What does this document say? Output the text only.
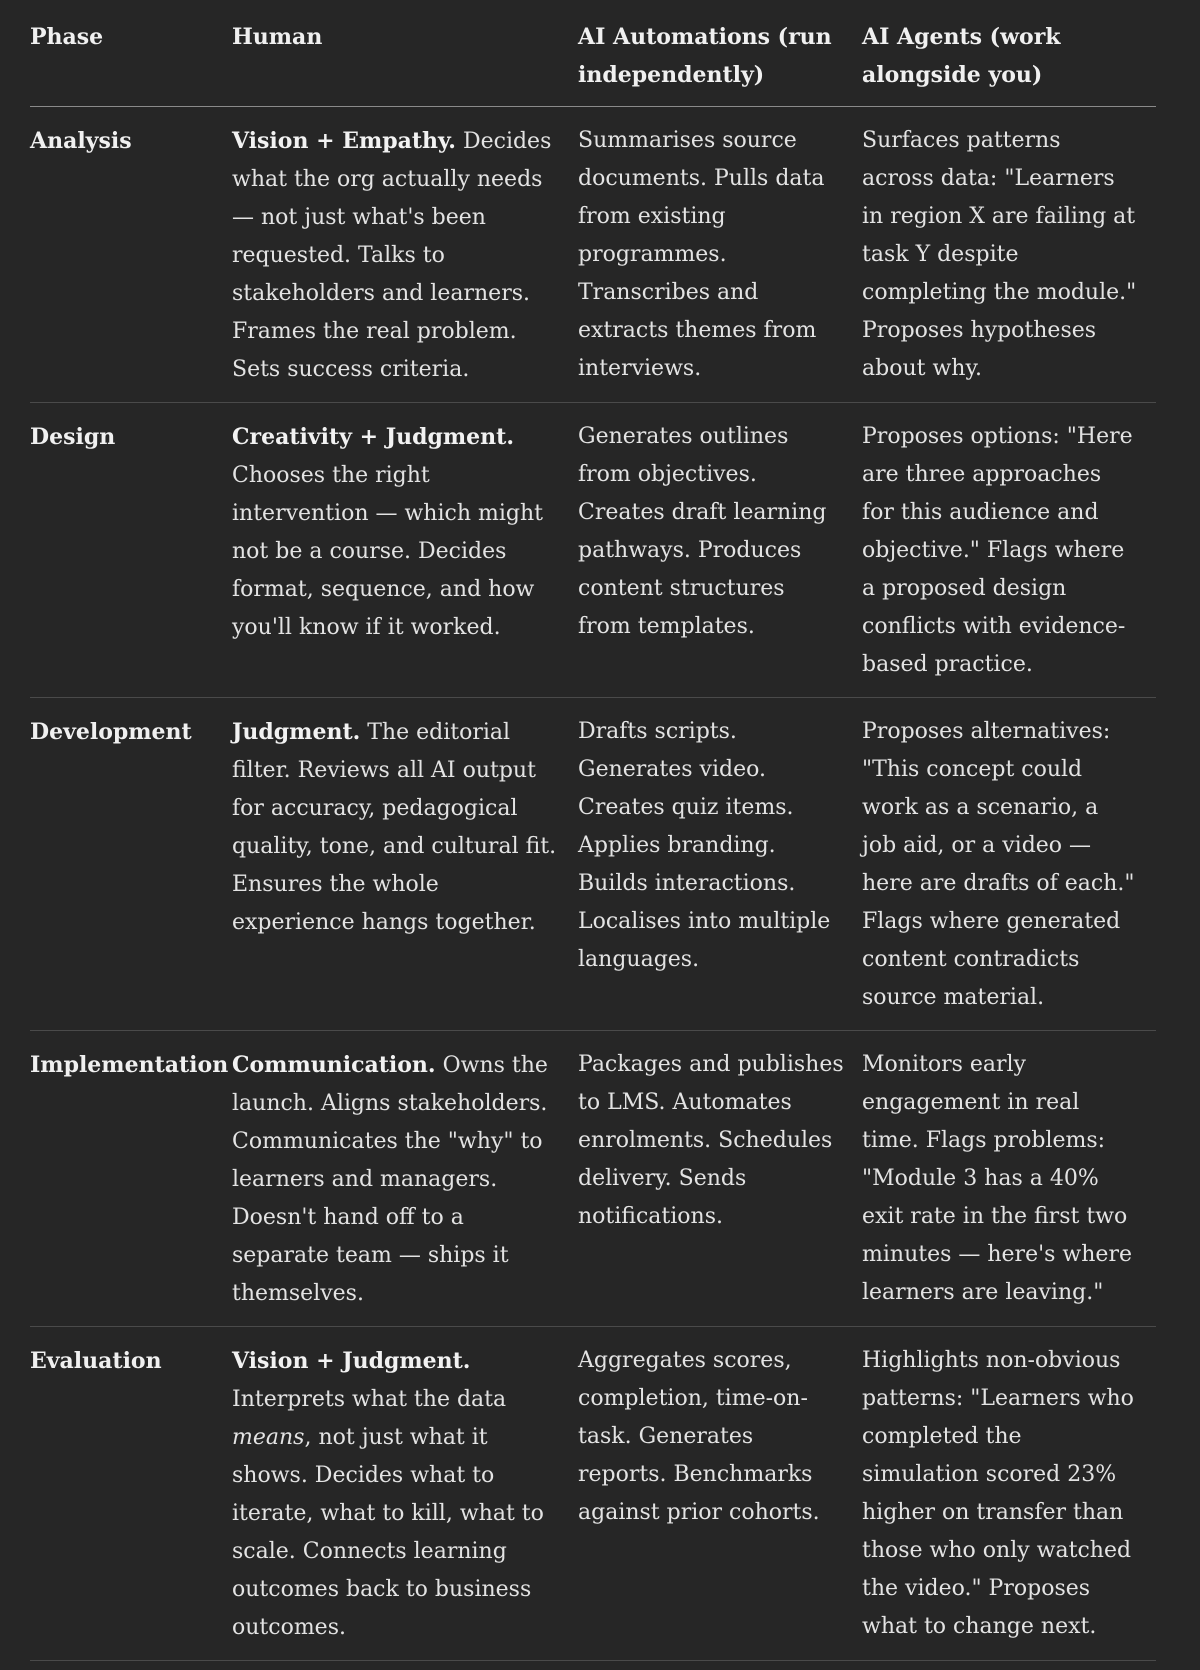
Phase	Human	AI Automations (run independently)	AI Agents (work alongside you)

Analysis	Vision + Empathy. Decides what the org actually needs — not just what's been requested. Talks to stakeholders and learners. Frames the real problem. Sets success criteria.	Summarises source documents. Pulls data from existing programmes. Transcribes and extracts themes from interviews.	Surfaces patterns across data: "Learners in region X are failing at task Y despite completing the module." Proposes hypotheses about why.

Design	Creativity + Judgment. Chooses the right intervention — which might not be a course. Decides format, sequence, and how you'll know if it worked.	Generates outlines from objectives. Creates draft learning pathways. Produces content structures from templates.	Proposes options: "Here are three approaches for this audience and objective." Flags where a proposed design conflicts with evidence-based practice.

Development	Judgment. The editorial filter. Reviews all AI output for accuracy, pedagogical quality, tone, and cultural fit. Ensures the whole experience hangs together.	Drafts scripts. Generates video. Creates quiz items. Applies branding. Builds interactions. Localises into multiple languages.	Proposes alternatives: "This concept could work as a scenario, a job aid, or a video — here are drafts of each." Flags where generated content contradicts source material.

Implementation	Communication. Owns the launch. Aligns stakeholders. Communicates the "why" to learners and managers. Doesn't hand off to a separate team — ships it themselves.	Packages and publishes to LMS. Automates enrolments. Schedules delivery. Sends notifications.	Monitors early engagement in real time. Flags problems: "Module 3 has a 40% exit rate in the first two minutes — here's where learners are leaving."

Evaluation	Vision + Judgment. Interprets what the data means, not just what it shows. Decides what to iterate, what to kill, what to scale. Connects learning outcomes back to business outcomes.	Aggregates scores, completion, time-on-task. Generates reports. Benchmarks against prior cohorts.	Highlights non-obvious patterns: "Learners who completed the simulation scored 23% higher on transfer than those who only watched the video." Proposes what to change next.
